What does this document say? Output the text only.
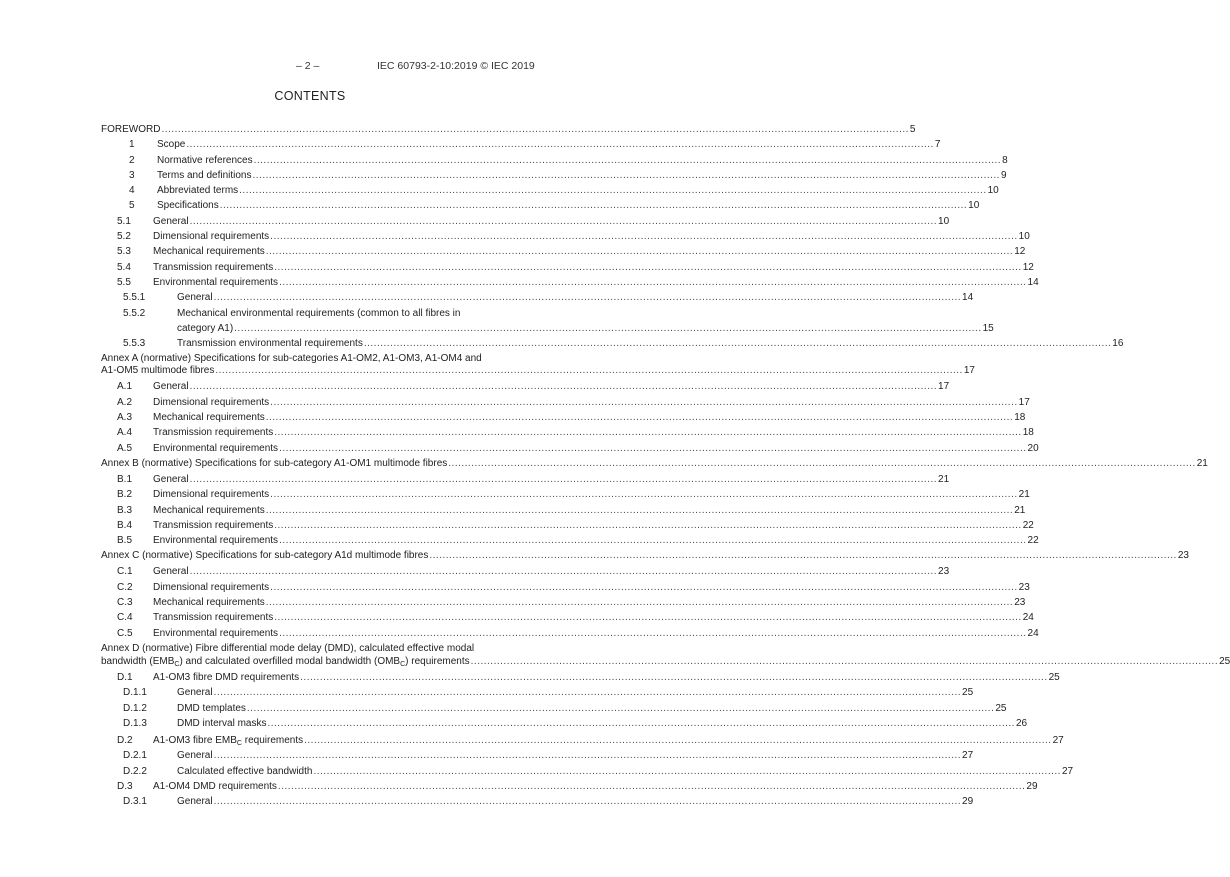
– 2 –	IEC 60793-2-10:2019 © IEC 2019
CONTENTS
FOREWORD .....	5
1	Scope .....	7
2	Normative references .....	8
3	Terms and definitions .....	9
4	Abbreviated terms .....	10
5	Specifications .....	10
5.1	General .....	10
5.2	Dimensional requirements .....	10
5.3	Mechanical requirements .....	12
5.4	Transmission requirements .....	12
5.5	Environmental requirements .....	14
5.5.1	General .....	14
5.5.2	Mechanical environmental requirements (common to all fibres in
category A1) .....	15
5.5.3	Transmission environmental requirements .....	16
Annex A (normative) Specifications for sub-categories A1-OM2, A1-OM3, A1-OM4 and
A1-OM5 multimode fibres .....	17
A.1	General .....	17
A.2	Dimensional requirements .....	17
A.3	Mechanical requirements .....	18
A.4	Transmission requirements .....	18
A.5	Environmental requirements .....	20
Annex B (normative) Specifications for sub-category A1-OM1 multimode fibres .....	21
B.1	General .....	21
B.2	Dimensional requirements .....	21
B.3	Mechanical requirements .....	21
B.4	Transmission requirements .....	22
B.5	Environmental requirements .....	22
Annex C (normative) Specifications for sub-category A1d multimode fibres .....	23
C.1	General .....	23
C.2	Dimensional requirements .....	23
C.3	Mechanical requirements .....	23
C.4	Transmission requirements .....	24
C.5	Environmental requirements .....	24
Annex D (normative) Fibre differential mode delay (DMD), calculated effective modal
bandwidth $(EMB_C)$ and calculated overfilled modal bandwidth $(OMB_C)$ requirements .....	25
D.1	A1-OM3 fibre DMD requirements .....	25
D.1.1	General .....	25
D.1.2	DMD templates .....	25
D.1.3	DMD interval masks .....	26
D.2	A1-OM3 fibre $EMB_C$ requirements .....	27
D.2.1	General .....	27
D.2.2	Calculated effective bandwidth .....	27
D.3	A1-OM4 DMD requirements .....	29
D.3.1	General .....	29
